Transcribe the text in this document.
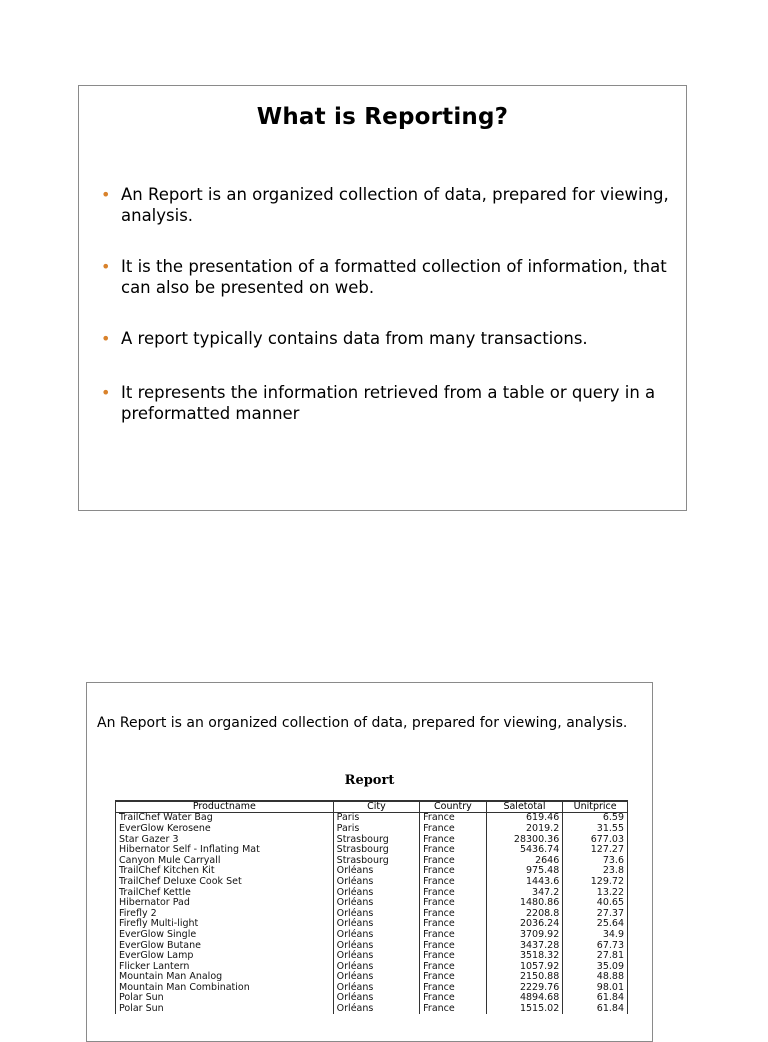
What is Reporting?
• An Report is an organized collection of data, prepared for viewing, analysis.
• It is the presentation of a formatted collection of information, that can also be presented on web.
• A report typically contains data from many transactions.
• It represents the information retrieved from a table or query in a preformatted manner
An Report is an organized collection of data, prepared for viewing, analysis.
Report
Productname	City	Country	Saletotal	Unitprice
TrailChef Water Bag	Paris	France	619.46	6.59
EverGlow Kerosene	Paris	France	2019.2	31.55
Star Gazer 3	Strasbourg	France	28300.36	677.03
Hibernator Self - Inflating Mat	Strasbourg	France	5436.74	127.27
Canyon Mule Carryall	Strasbourg	France	2646	73.6
TrailChef Kitchen Kit	Orléans	France	975.48	23.8
TrailChef Deluxe Cook Set	Orléans	France	1443.6	129.72
TrailChef Kettle	Orléans	France	347.2	13.22
Hibernator Pad	Orléans	France	1480.86	40.65
Firefly 2	Orléans	France	2208.8	27.37
Firefly Multi-light	Orléans	France	2036.24	25.64
EverGlow Single	Orléans	France	3709.92	34.9
EverGlow Butane	Orléans	France	3437.28	67.73
EverGlow Lamp	Orléans	France	3518.32	27.81
Flicker Lantern	Orléans	France	1057.92	35.09
Mountain Man Analog	Orléans	France	2150.88	48.88
Mountain Man Combination	Orléans	France	2229.76	98.01
Polar Sun	Orléans	France	4894.68	61.84
Polar Sun	Orléans	France	1515.02	61.84
